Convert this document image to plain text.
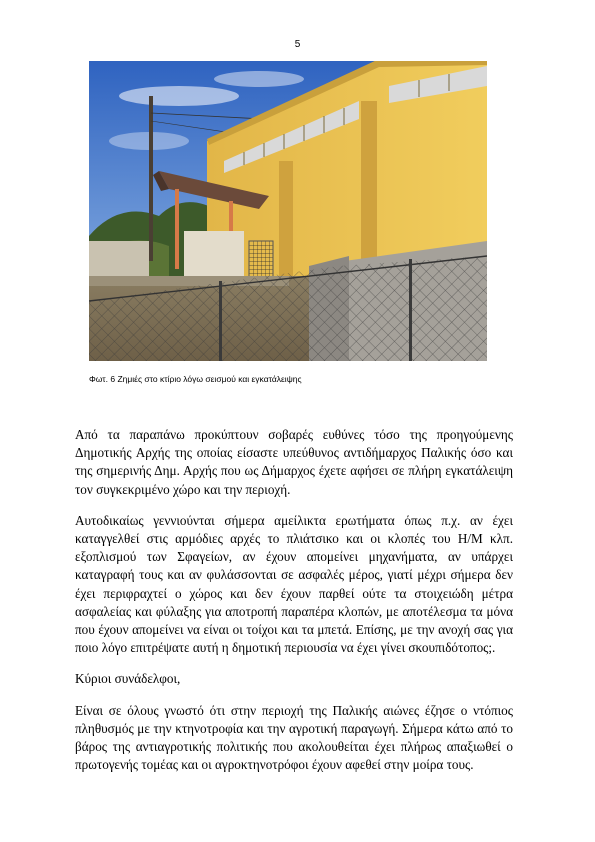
5
Φωτ. 6 Ζημιές στο κτίριο λόγω σεισμού και εγκατάλειψης

Από τα παραπάνω προκύπτουν σοβαρές ευθύνες τόσο της προηγούμενης Δημοτικής Αρχής της οποίας είσαστε υπεύθυνος αντιδήμαρχος Παλικής όσο και της σημερινής Δημ. Αρχής που ως Δήμαρχος έχετε αφήσει σε πλήρη εγκατάλειψη τον συγκεκριμένο χώρο και την περιοχή.

Αυτοδικαίως γεννιούνται σήμερα αμείλικτα ερωτήματα όπως π.χ. αν έχει καταγγελθεί στις αρμόδιες αρχές το πλιάτσικο και οι κλοπές του Η/Μ κλπ. εξοπλισμού των Σφαγείων, αν έχουν απομείνει μηχανήματα, αν υπάρχει καταγραφή τους και αν φυλάσσονται σε ασφαλές μέρος, γιατί μέχρι σήμερα δεν έχει περιφραχτεί ο χώρος και δεν έχουν παρθεί ούτε τα στοιχειώδη μέτρα ασφαλείας και φύλαξης για αποτροπή παραπέρα κλοπών, με αποτέλεσμα τα μόνα που έχουν απομείνει να είναι οι τοίχοι και τα μπετά. Επίσης, με την ανοχή σας για ποιο λόγο επιτρέψατε αυτή η δημοτική περιουσία να έχει γίνει σκουπιδότοπος;.

Κύριοι συνάδελφοι,

Είναι σε όλους γνωστό ότι στην περιοχή της Παλικής αιώνες έζησε ο ντόπιος πληθυσμός με την κτηνοτροφία και την αγροτική παραγωγή. Σήμερα κάτω από το βάρος της αντιαγροτικής πολιτικής που ακολουθείται έχει πλήρως απαξιωθεί ο πρωτογενής τομέας και οι αγροκτηνοτρόφοι έχουν αφεθεί στην μοίρα τους.
